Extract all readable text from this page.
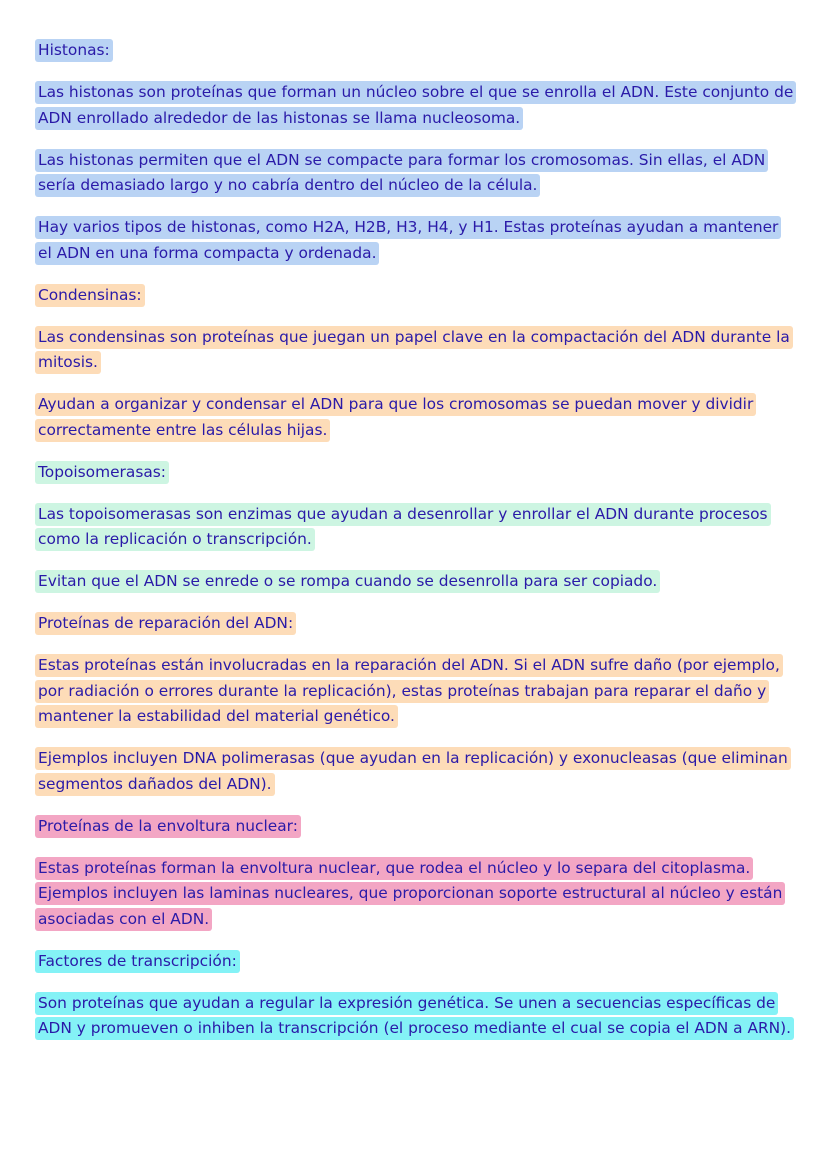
Histonas:

Las histonas son proteínas que forman un núcleo sobre el que se enrolla el ADN. Este conjunto de ADN enrollado alrededor de las histonas se llama nucleosoma.

Las histonas permiten que el ADN se compacte para formar los cromosomas. Sin ellas, el ADN sería demasiado largo y no cabría dentro del núcleo de la célula.

Hay varios tipos de histonas, como H2A, H2B, H3, H4, y H1. Estas proteínas ayudan a mantener el ADN en una forma compacta y ordenada.

Condensinas:

Las condensinas son proteínas que juegan un papel clave en la compactación del ADN durante la mitosis.

Ayudan a organizar y condensar el ADN para que los cromosomas se puedan mover y dividir correctamente entre las células hijas.

Topoisomerasas:

Las topoisomerasas son enzimas que ayudan a desenrollar y enrollar el ADN durante procesos como la replicación o transcripción.

Evitan que el ADN se enrede o se rompa cuando se desenrolla para ser copiado.

Proteínas de reparación del ADN:

Estas proteínas están involucradas en la reparación del ADN. Si el ADN sufre daño (por ejemplo, por radiación o errores durante la replicación), estas proteínas trabajan para reparar el daño y mantener la estabilidad del material genético.

Ejemplos incluyen DNA polimerasas (que ayudan en la replicación) y exonucleasas (que eliminan segmentos dañados del ADN).

Proteínas de la envoltura nuclear:

Estas proteínas forman la envoltura nuclear, que rodea el núcleo y lo separa del citoplasma. Ejemplos incluyen las laminas nucleares, que proporcionan soporte estructural al núcleo y están asociadas con el ADN.

Factores de transcripción:

Son proteínas que ayudan a regular la expresión genética. Se unen a secuencias específicas de ADN y promueven o inhiben la transcripción (el proceso mediante el cual se copia el ADN a ARN).
